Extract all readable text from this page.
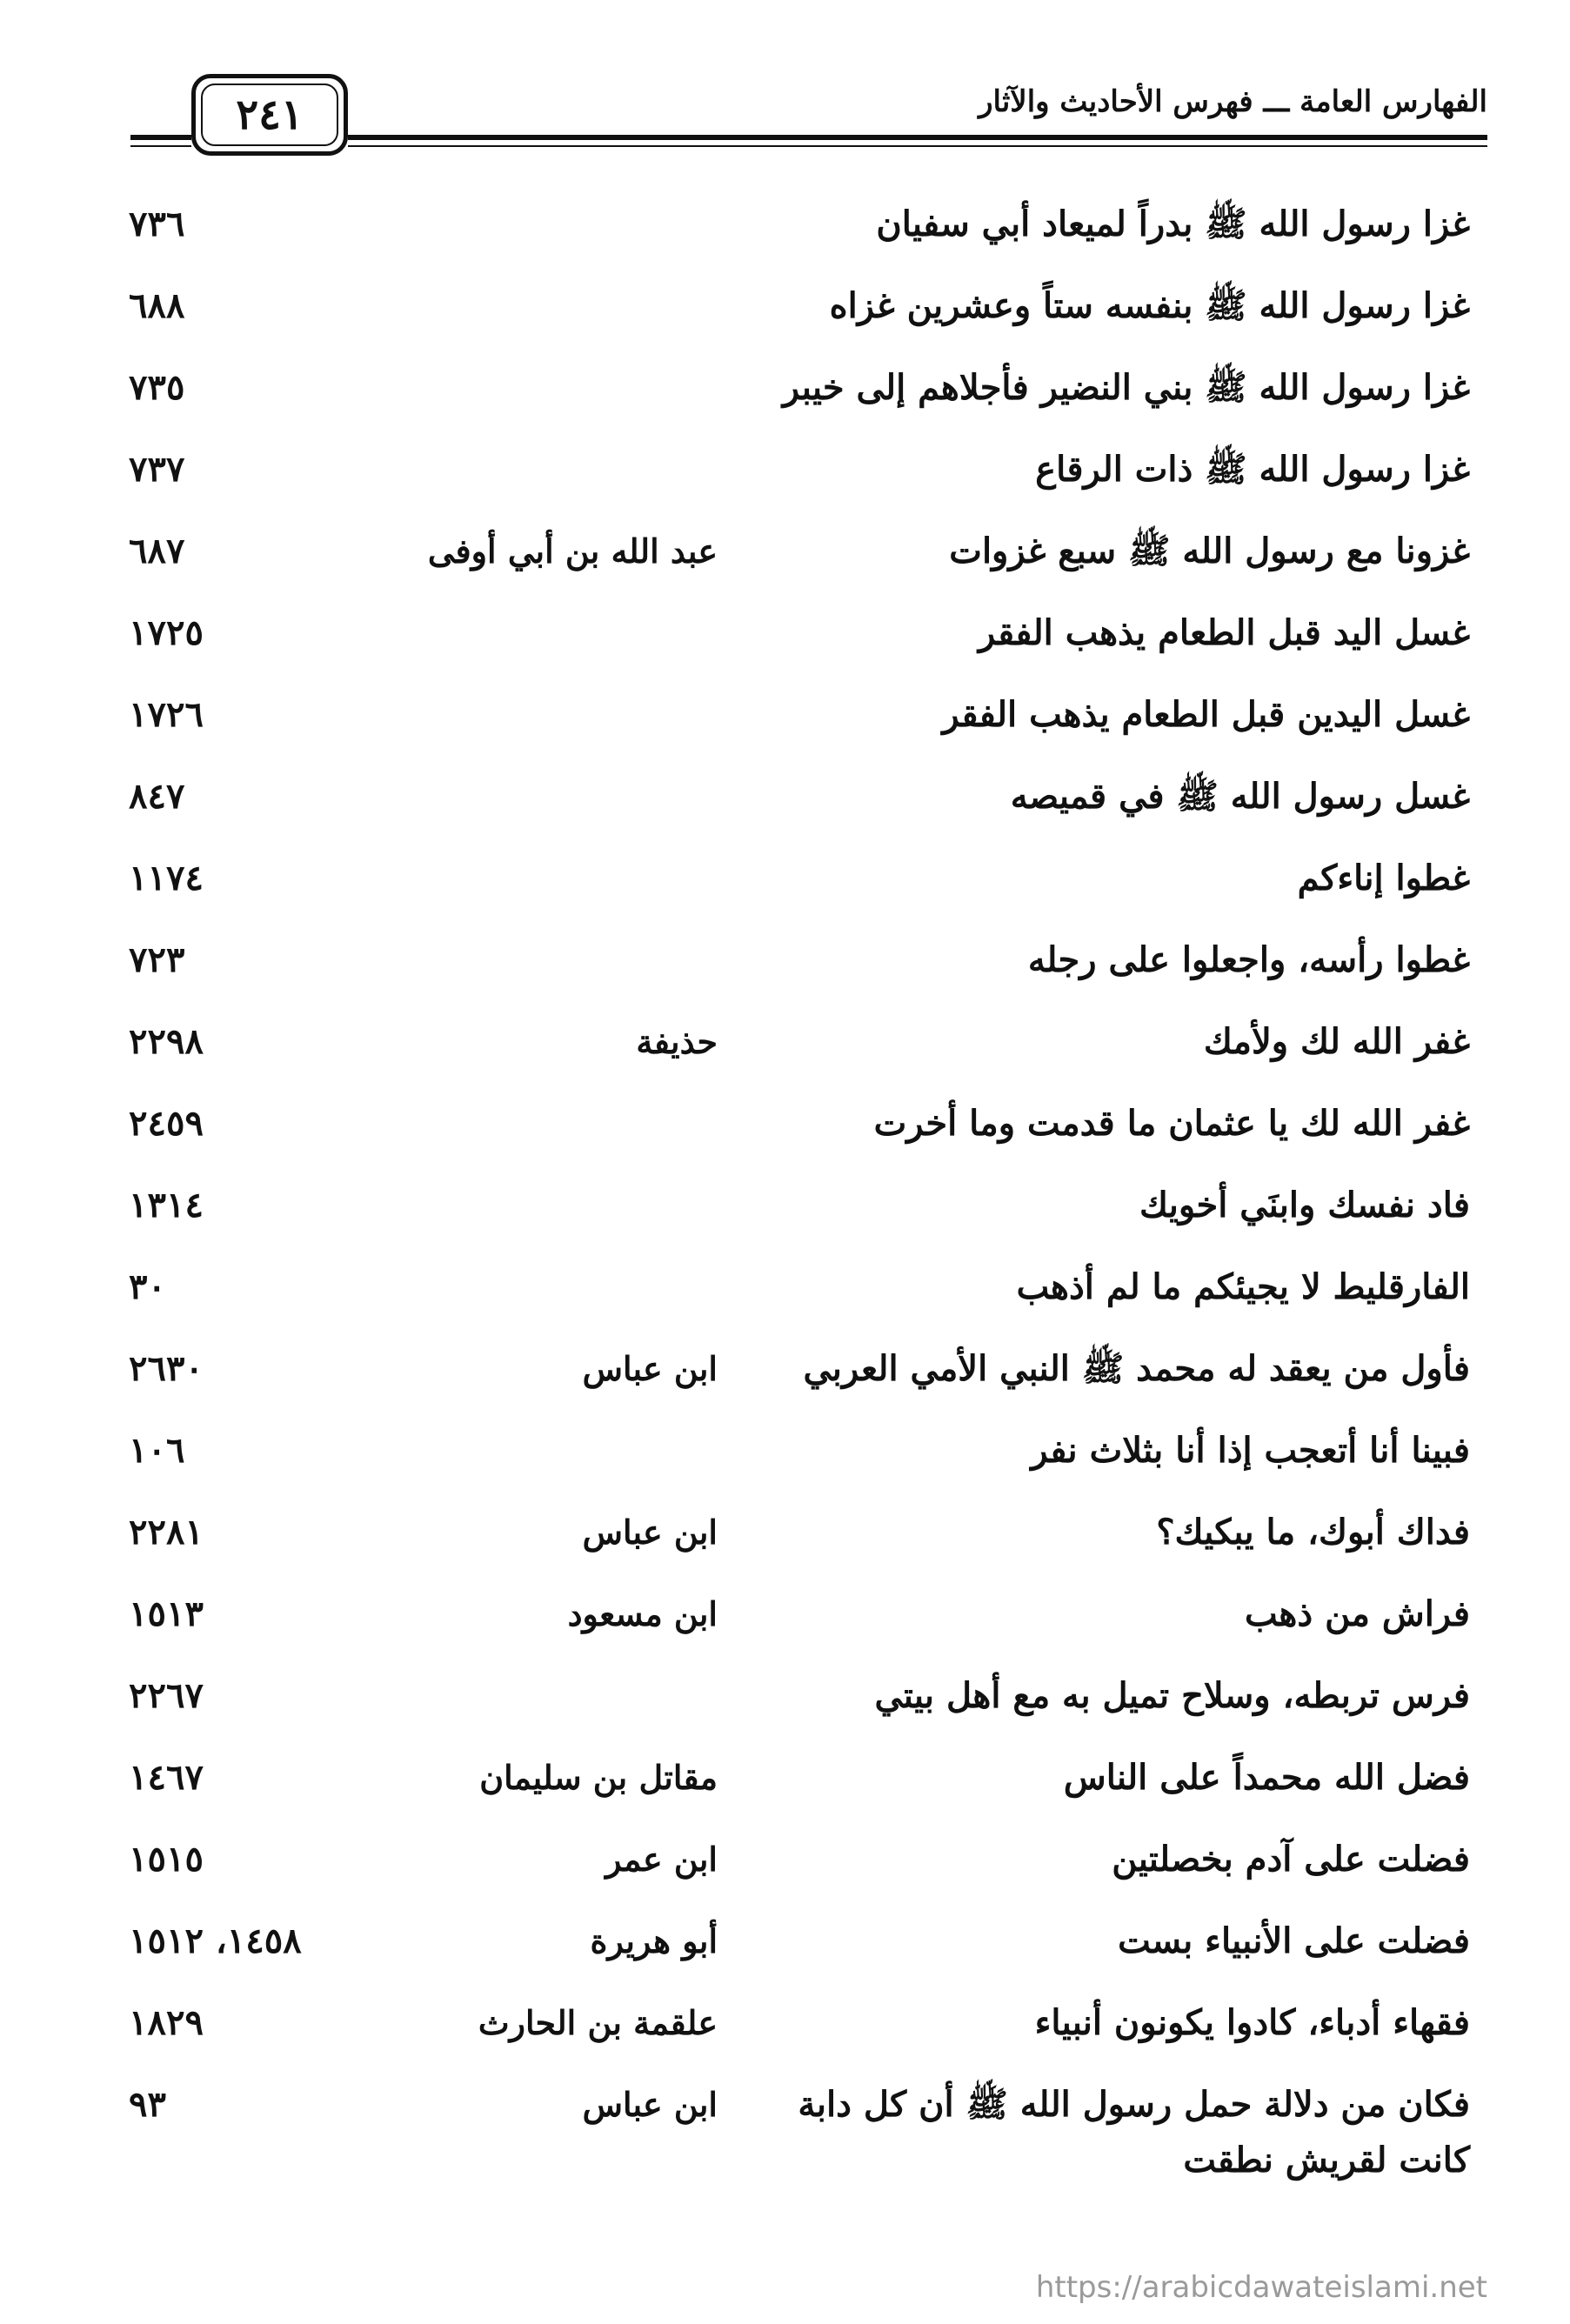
٢٤١	الفهارس العامة ـــ فهرس الأحاديث والآثار
غزا رسول الله ﷺ بدراً لميعاد أبي سفيان
٧٣٦
غزا رسول الله ﷺ بنفسه ستاً وعشرين غزاه
٦٨٨
غزا رسول الله ﷺ بني النضير فأجلاهم إلى خيبر
٧٣٥
غزا رسول الله ﷺ ذات الرقاع
٧٣٧
غزونا مع رسول الله ﷺ سبع غزوات
عبد الله بن أبي أوفى
٦٨٧
غسل اليد قبل الطعام يذهب الفقر
١٧٢٥
غسل اليدين قبل الطعام يذهب الفقر
١٧٢٦
غسل رسول الله ﷺ في قميصه
٨٤٧
غطوا إناءكم
١١٧٤
غطوا رأسه، واجعلوا على رجله
٧٢٣
غفر الله لك ولأمك
حذيفة
٢٢٩٨
غفر الله لك يا عثمان ما قدمت وما أخرت
٢٤٥٩
فاد نفسك وابنَي أخويك
١٣١٤
الفارقليط لا يجيئكم ما لم أذهب
٣٠
فأول من يعقد له محمد ﷺ النبي الأمي العربي
ابن عباس
٢٦٣٠
فبينا أنا أتعجب إذا أنا بثلاث نفر
١٠٦
فداك أبوك، ما يبكيك؟
ابن عباس
٢٢٨١
فراش من ذهب
ابن مسعود
١٥١٣
فرس تربطه، وسلاح تميل به مع أهل بيتي
٢٢٦٧
فضل الله محمداً على الناس
مقاتل بن سليمان
١٤٦٧
فضلت على آدم بخصلتين
ابن عمر
١٥١٥
فضلت على الأنبياء بست
أبو هريرة
١٤٥٨، ١٥١٢
فقهاء أدباء، كادوا يكونون أنبياء
علقمة بن الحارث
١٨٢٩
فكان من دلالة حمل رسول الله ﷺ أن كل دابة كانت لقريش نطقت
ابن عباس
٩٣
https://arabicdawateislami.net
